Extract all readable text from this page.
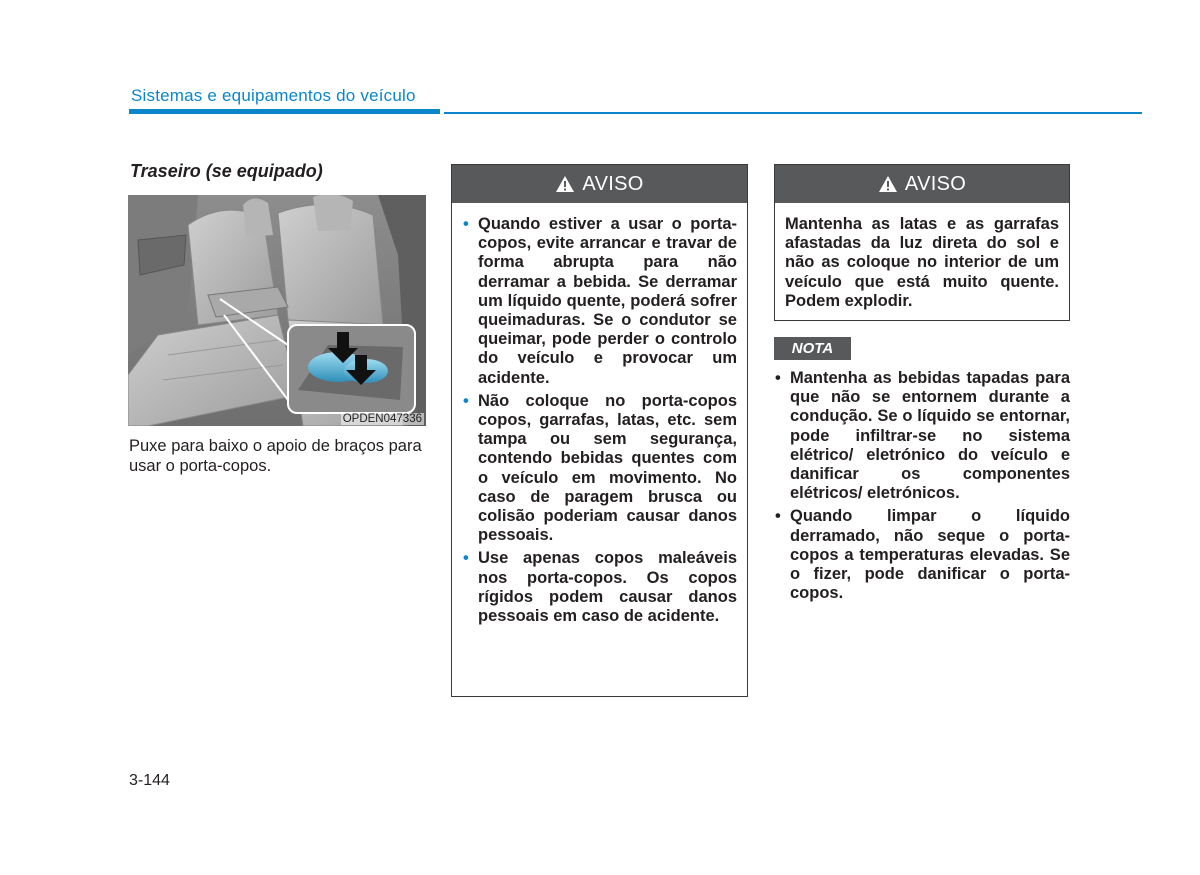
Sistemas e equipamentos do veículo
Traseiro (se equipado)
OPDEN047336
Puxe para baixo o apoio de braços para usar o porta-copos.
AVISO
• Quando estiver a usar o porta-copos, evite arrancar e travar de forma abrupta para não derramar a bebida. Se derramar um líquido quente, poderá sofrer queimaduras. Se o condutor se queimar, pode perder o controlo do veículo e provocar um acidente.
• Não coloque no porta-copos copos, garrafas, latas, etc. sem tampa ou sem segurança, contendo bebidas quentes com o veículo em movimento. No caso de paragem brusca ou colisão poderiam causar danos pessoais.
• Use apenas copos maleáveis nos porta-copos. Os copos rígidos podem causar danos pessoais em caso de acidente.
AVISO
Mantenha as latas e as garrafas afastadas da luz direta do sol e não as coloque no interior de um veículo que está muito quente. Podem explodir.
NOTA
• Mantenha as bebidas tapadas para que não se entornem durante a condução. Se o líquido se entornar, pode infiltrar-se no sistema elétrico/ eletrónico do veículo e danificar os componentes elétricos/ eletrónicos.
• Quando limpar o líquido derramado, não seque o porta-copos a temperaturas elevadas. Se o fizer, pode danificar o porta-copos.
3-144
